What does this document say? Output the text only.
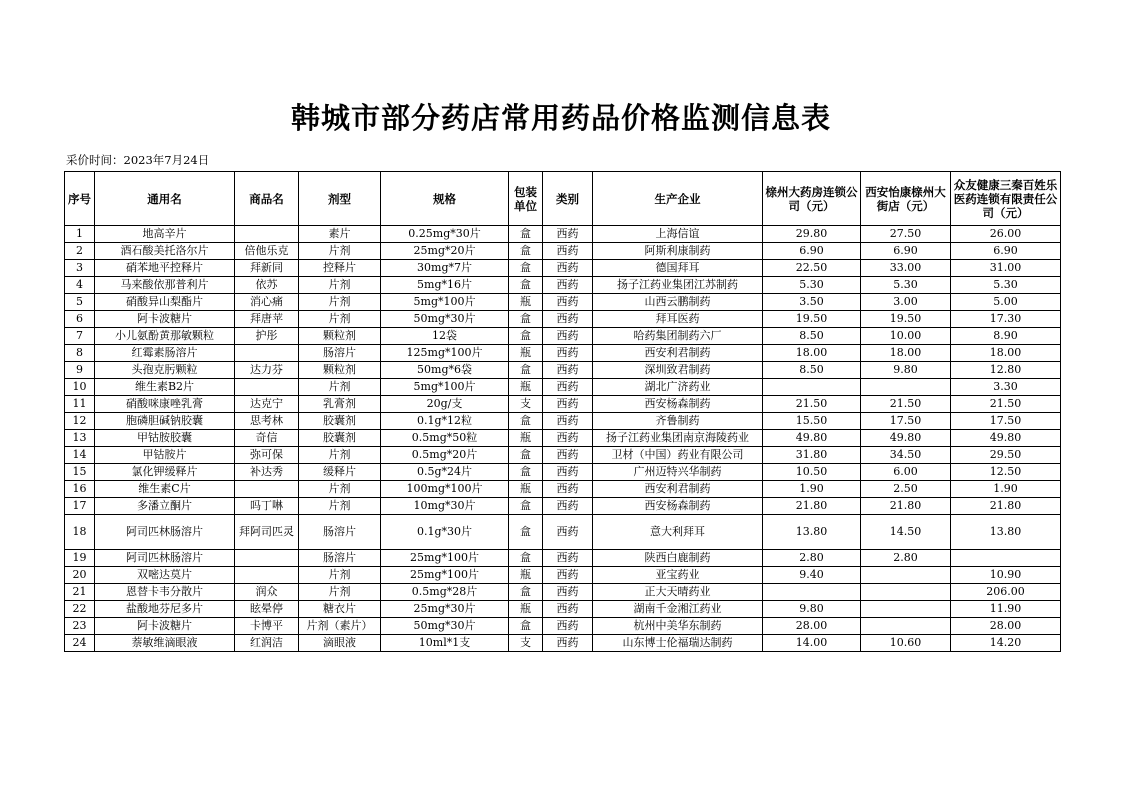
韩城市部分药店常用药品价格监测信息表
采价时间：2023年7月24日
序号	通用名	商品名	剂型	规格	包装单位	类别	生产企业	榇州大药房连锁公司（元）	西安怡康榇州大街店（元）	众友健康三秦百姓乐医药连锁有限责任公司（元）
1	地高辛片		素片	0.25mg*30片	盒	西药	上海信谊	29.80	27.50	26.00
2	酒石酸美托洛尔片	倍他乐克	片剂	25mg*20片	盒	西药	阿斯利康制药	6.90	6.90	6.90
3	硝苯地平控释片	拜新同	控释片	30mg*7片	盒	西药	德国拜耳	22.50	33.00	31.00
4	马来酸依那普利片	依苏	片剂	5mg*16片	盒	西药	扬子江药业集团江苏制药	5.30	5.30	5.30
5	硝酸异山梨酯片	消心痛	片剂	5mg*100片	瓶	西药	山西云鹏制药	3.50	3.00	5.00
6	阿卡波糖片	拜唐苹	片剂	50mg*30片	盒	西药	拜耳医药	19.50	19.50	17.30
7	小儿氨酚黄那敏颗粒	护彤	颗粒剂	12袋	盒	西药	哈药集团制药六厂	8.50	10.00	8.90
8	红霉素肠溶片		肠溶片	125mg*100片	瓶	西药	西安利君制药	18.00	18.00	18.00
9	头孢克肟颗粒	达力芬	颗粒剂	50mg*6袋	盒	西药	深圳致君制药	8.50	9.80	12.80
10	维生素B2片		片剂	5mg*100片	瓶	西药	湖北广济药业			3.30
11	硝酸咪康唑乳膏	达克宁	乳膏剂	20g/支	支	西药	西安杨森制药	21.50	21.50	21.50
12	胞磷胆碱钠胶囊	思考林	胶囊剂	0.1g*12粒	盒	西药	齐鲁制药	15.50	17.50	17.50
13	甲钴胺胶囊	奇信	胶囊剂	0.5mg*50粒	瓶	西药	扬子江药业集团南京海陵药业	49.80	49.80	49.80
14	甲钴胺片	弥可保	片剂	0.5mg*20片	盒	西药	卫材（中国）药业有限公司	31.80	34.50	29.50
15	氯化钾缓释片	补达秀	缓释片	0.5g*24片	盒	西药	广州迈特兴华制药	10.50	6.00	12.50
16	维生素C片		片剂	100mg*100片	瓶	西药	西安利君制药	1.90	2.50	1.90
17	多潘立酮片	吗丁啉	片剂	10mg*30片	盒	西药	西安杨森制药	21.80	21.80	21.80
18	阿司匹林肠溶片	拜阿司匹灵	肠溶片	0.1g*30片	盒	西药	意大利拜耳	13.80	14.50	13.80
19	阿司匹林肠溶片		肠溶片	25mg*100片	盒	西药	陕西白鹿制药	2.80	2.80	
20	双嘧达莫片		片剂	25mg*100片	瓶	西药	亚宝药业	9.40		10.90
21	恩替卡韦分散片	润众	片剂	0.5mg*28片	盒	西药	正大天晴药业			206.00
22	盐酸地芬尼多片	眩晕停	糖衣片	25mg*30片	瓶	西药	湖南千金湘江药业	9.80		11.90
23	阿卡波糖片	卡博平	片剂（素片）	50mg*30片	盒	西药	杭州中美华东制药	28.00		28.00
24	萘敏维滴眼液	红润洁	滴眼液	10ml*1支	支	西药	山东博士伦福瑞达制药	14.00	10.60	14.20
